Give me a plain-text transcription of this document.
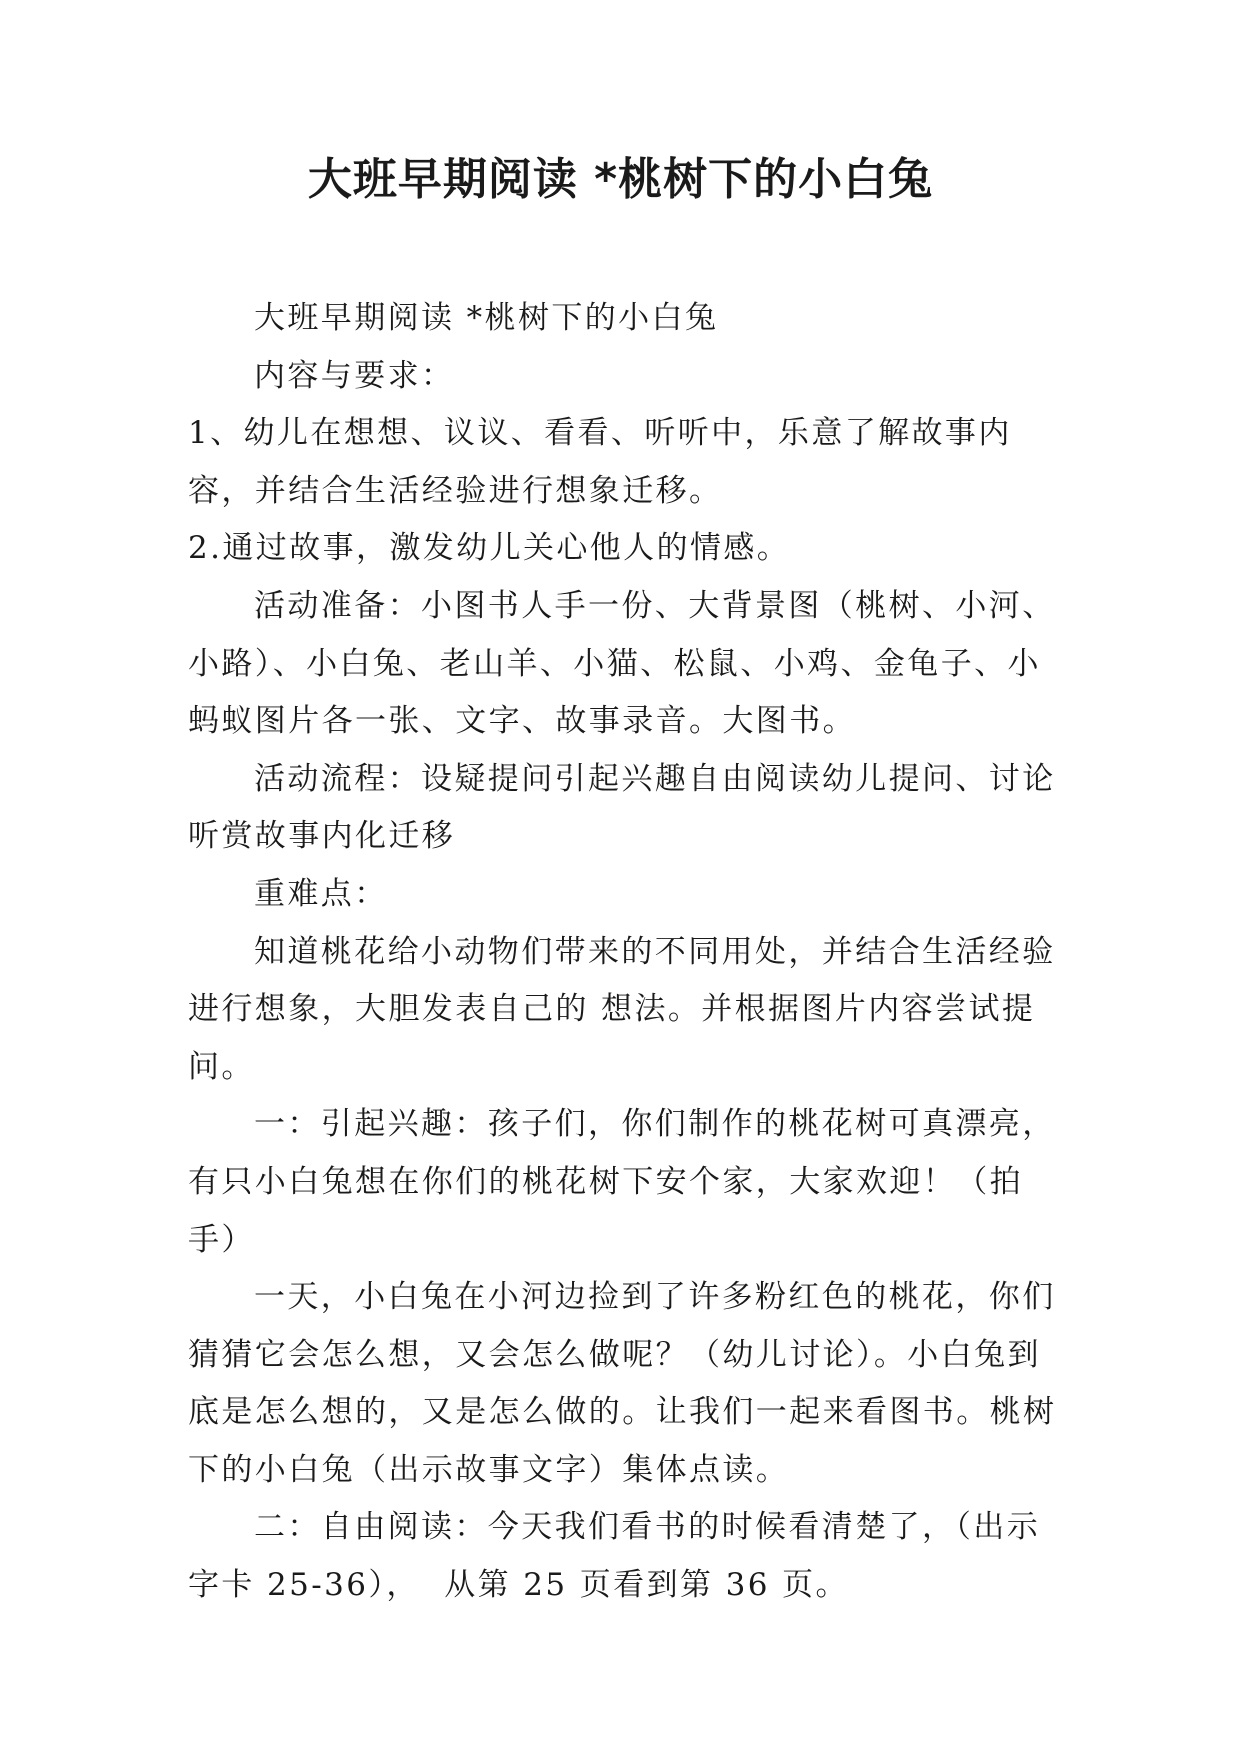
大班早期阅读 *桃树下的小白兔

大班早期阅读 *桃树下的小白兔

内容与要求：

1、幼儿在想想、议议、看看、听听中，乐意了解故事内容，并结合生活经验进行想象迁移。

2.通过故事，激发幼儿关心他人的情感。

活动准备：小图书人手一份、大背景图（桃树、小河、小路）、小白兔、老山羊、小猫、松鼠、小鸡、金龟子、小蚂蚁图片各一张、文字、故事录音。大图书。

活动流程：设疑提问引起兴趣自由阅读幼儿提问、讨论听赏故事内化迁移

重难点：

知道桃花给小动物们带来的不同用处，并结合生活经验进行想象，大胆发表自己的 想法。并根据图片内容尝试提问。

一：引起兴趣：孩子们，你们制作的桃花树可真漂亮，有只小白兔想在你们的桃花树下安个家，大家欢迎！（拍手）

一天，小白兔在小河边捡到了许多粉红色的桃花，你们猜猜它会怎么想，又会怎么做呢？（幼儿讨论）。小白兔到底是怎么想的，又是怎么做的。让我们一起来看图书。桃树下的小白兔（出示故事文字）集体点读。

二：自由阅读：今天我们看书的时候看清楚了，（出示字卡 25-36），  从第 25 页看到第 36 页。
